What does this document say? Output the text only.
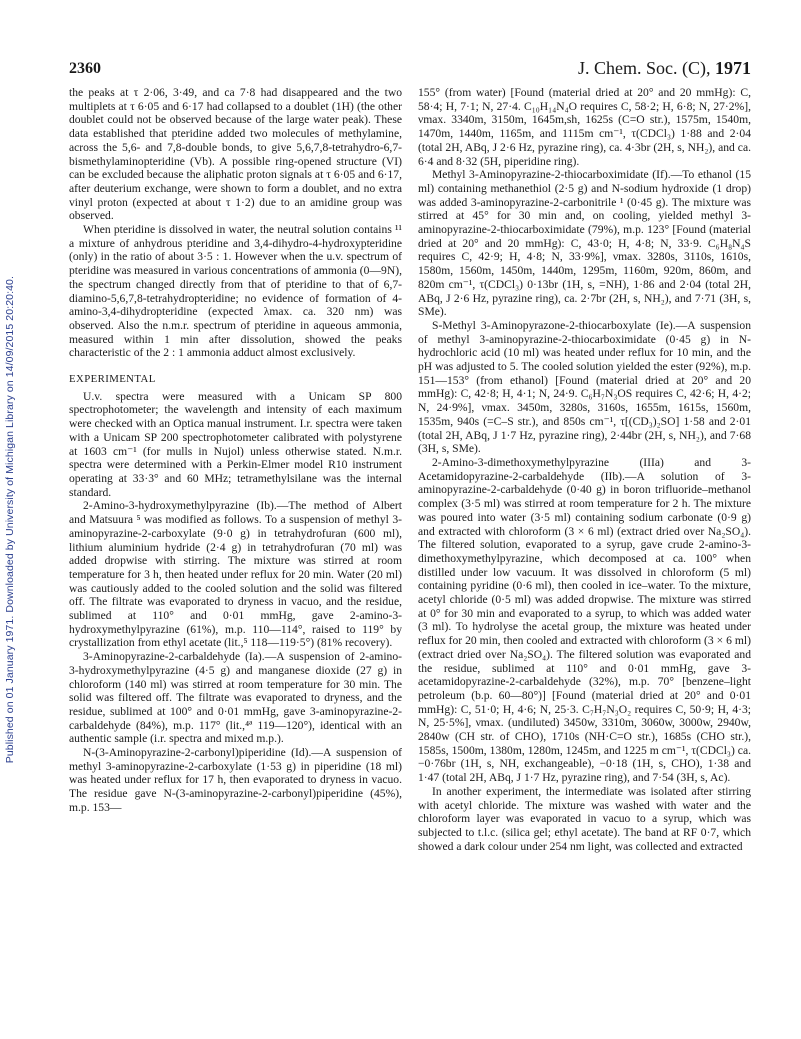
Published on 01 January 1971. Downloaded by University of Michigan Library on 14/09/2015 20:20:40.
2360	J. Chem. Soc. (C), 1971

the peaks at τ 2·06, 3·49, and ca 7·8 had disappeared and the two multiplets at τ 6·05 and 6·17 had collapsed to a doublet (1H) (the other doublet could not be observed because of the large water peak). These data established that pteridine added two molecules of methylamine, across the 5,6- and 7,8-double bonds, to give 5,6,7,8-tetrahydro-6,7-bismethylaminopteridine (Vb). A possible ring-opened structure (VI) can be excluded because the aliphatic proton signals at τ 6·05 and 6·17, after deuterium exchange, were shown to form a doublet, and no extra vinyl proton (expected at about τ 1·2) due to an amidine group was observed.

When pteridine is dissolved in water, the neutral solution contains ¹¹ a mixture of anhydrous pteridine and 3,4-dihydro-4-hydroxypteridine (only) in the ratio of about 3·5 : 1. However when the u.v. spectrum of pteridine was measured in various concentrations of ammonia (0—9N), the spectrum changed directly from that of pteridine to that of 6,7-diamino-5,6,7,8-tetrahydropteridine; no evidence of formation of 4-amino-3,4-dihydropteridine (expected λmax. ca. 320 nm) was observed. Also the n.m.r. spectrum of pteridine in aqueous ammonia, measured within 1 min after dissolution, showed the peaks characteristic of the 2 : 1 ammonia adduct almost exclusively.

EXPERIMENTAL

U.v. spectra were measured with a Unicam SP 800 spectrophotometer; the wavelength and intensity of each maximum were checked with an Optica manual instrument. I.r. spectra were taken with a Unicam SP 200 spectrophotometer calibrated with polystyrene at 1603 cm⁻¹ (for mulls in Nujol) unless otherwise stated. N.m.r. spectra were determined with a Perkin-Elmer model R10 instrument operating at 33·3° and 60 MHz; tetramethylsilane was the internal standard.

2-Amino-3-hydroxymethylpyrazine (Ib).—The method of Albert and Matsuura ⁵ was modified as follows. To a suspension of methyl 3-aminopyrazine-2-carboxylate (9·0 g) in tetrahydrofuran (600 ml), lithium aluminium hydride (2·4 g) in tetrahydrofuran (70 ml) was added dropwise with stirring. The mixture was stirred at room temperature for 3 h, then heated under reflux for 20 min. Water (20 ml) was cautiously added to the cooled solution and the solid was filtered off. The filtrate was evaporated to dryness in vacuo, and the residue, sublimed at 110° and 0·01 mmHg, gave 2-amino-3-hydroxymethylpyrazine (61%), m.p. 110—114°, raised to 119° by crystallization from ethyl acetate (lit.,⁵ 118—119·5°) (81% recovery).

3-Aminopyrazine-2-carbaldehyde (Ia).—A suspension of 2-amino-3-hydroxymethylpyrazine (4·5 g) and manganese dioxide (27 g) in chloroform (140 ml) was stirred at room temperature for 30 min. The solid was filtered off. The filtrate was evaporated to dryness, and the residue, sublimed at 100° and 0·01 mmHg, gave 3-aminopyrazine-2-carbaldehyde (84%), m.p. 117° (lit.,⁴ª 119—120°), identical with an authentic sample (i.r. spectra and mixed m.p.).

N-(3-Aminopyrazine-2-carbonyl)piperidine (Id).—A suspension of methyl 3-aminopyrazine-2-carboxylate (1·53 g) in piperidine (18 ml) was heated under reflux for 17 h, then evaporated to dryness in vacuo. The residue gave N-(3-aminopyrazine-2-carbonyl)piperidine (45%), m.p. 153—

155° (from water) [Found (material dried at 20° and 20 mmHg): C, 58·4; H, 7·1; N, 27·4. C₁₀H₁₄N₄O requires C, 58·2; H, 6·8; N, 27·2%], νmax. 3340m, 3150m, 1645m,sh, 1625s (C=O str.), 1575m, 1540m, 1470m, 1440m, 1165m, and 1115m cm⁻¹, τ(CDCl₃) 1·88 and 2·04 (total 2H, ABq, J 2·6 Hz, pyrazine ring), ca. 4·3br (2H, s, NH₂), and ca. 6·4 and 8·32 (5H, piperidine ring).

Methyl 3-Aminopyrazine-2-thiocarboximidate (If).—To ethanol (15 ml) containing methanethiol (2·5 g) and N-sodium hydroxide (1 drop) was added 3-aminopyrazine-2-carbonitrile ¹ (0·45 g). The mixture was stirred at 45° for 30 min and, on cooling, yielded methyl 3-aminopyrazine-2-thiocarboximidate (79%), m.p. 123° [Found (material dried at 20° and 20 mmHg): C, 43·0; H, 4·8; N, 33·9. C₆H₈N₄S requires C, 42·9; H, 4·8; N, 33·9%], νmax. 3280s, 3110s, 1610s, 1580m, 1560m, 1450m, 1440m, 1295m, 1160m, 920m, 860m, and 820m cm⁻¹, τ(CDCl₃) 0·13br (1H, s, =NH), 1·86 and 2·04 (total 2H, ABq, J 2·6 Hz, pyrazine ring), ca. 2·7br (2H, s, NH₂), and 7·71 (3H, s, SMe).

S-Methyl 3-Aminopyrazone-2-thiocarboxylate (Ie).—A suspension of methyl 3-aminopyrazine-2-thiocarboximidate (0·45 g) in N-hydrochloric acid (10 ml) was heated under reflux for 10 min, and the pH was adjusted to 5. The cooled solution yielded the ester (92%), m.p. 151—153° (from ethanol) [Found (material dried at 20° and 20 mmHg): C, 42·8; H, 4·1; N, 24·9. C₆H₇N₃OS requires C, 42·6; H, 4·2; N, 24·9%], νmax. 3450m, 3280s, 3160s, 1655m, 1615s, 1560m, 1535m, 940s (=C–S str.), and 850s cm⁻¹, τ[(CD₃)₂SO] 1·58 and 2·01 (total 2H, ABq, J 1·7 Hz, pyrazine ring), 2·44br (2H, s, NH₂), and 7·68 (3H, s, SMe).

2-Amino-3-dimethoxymethylpyrazine (IIIa) and 3-Acetamidopyrazine-2-carbaldehyde (IIb).—A solution of 3-aminopyrazine-2-carbaldehyde (0·40 g) in boron trifluoride–methanol complex (3·5 ml) was stirred at room temperature for 2 h. The mixture was poured into water (3·5 ml) containing sodium carbonate (0·9 g) and extracted with chloroform (3 × 6 ml) (extract dried over Na₂SO₄). The filtered solution, evaporated to a syrup, gave crude 2-amino-3-dimethoxymethylpyrazine, which decomposed at ca. 100° when distilled under low vacuum. It was dissolved in chloroform (5 ml) containing pyridine (0·6 ml), then cooled in ice–water. To the mixture, acetyl chloride (0·5 ml) was added dropwise. The mixture was stirred at 0° for 30 min and evaporated to a syrup, to which was added water (3 ml). To hydrolyse the acetal group, the mixture was heated under reflux for 20 min, then cooled and extracted with chloroform (3 × 6 ml) (extract dried over Na₂SO₄). The filtered solution was evaporated and the residue, sublimed at 110° and 0·01 mmHg, gave 3-acetamidopyrazine-2-carbaldehyde (32%), m.p. 70° [benzene–light petroleum (b.p. 60—80°)] [Found (material dried at 20° and 0·01 mmHg): C, 51·0; H, 4·6; N, 25·3. C₇H₇N₃O₂ requires C, 50·9; H, 4·3; N, 25·5%], νmax. (undiluted) 3450w, 3310m, 3060w, 3000w, 2940w, 2840w (CH str. of CHO), 1710s (NH·C=O str.), 1685s (CHO str.), 1585s, 1500m, 1380m, 1280m, 1245m, and 1225 m cm⁻¹, τ(CDCl₃) ca. −0·76br (1H, s, NH, exchangeable), −0·18 (1H, s, CHO), 1·38 and 1·47 (total 2H, ABq, J 1·7 Hz, pyrazine ring), and 7·54 (3H, s, Ac).

In another experiment, the intermediate was isolated after stirring with acetyl chloride. The mixture was washed with water and the chloroform layer was evaporated in vacuo to a syrup, which was subjected to t.l.c. (silica gel; ethyl acetate). The band at RF 0·7, which showed a dark colour under 254 nm light, was collected and extracted
